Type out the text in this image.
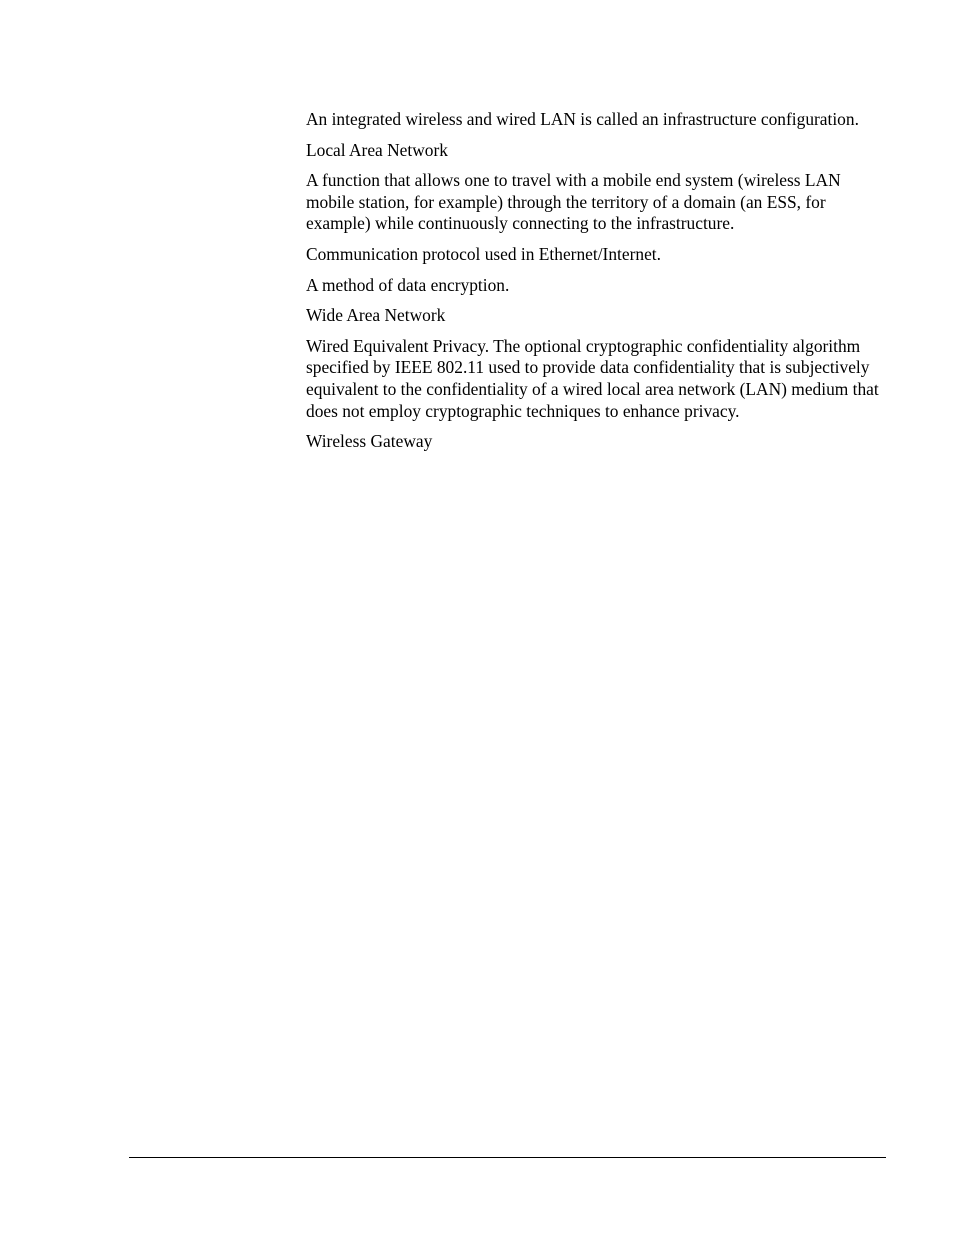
An integrated wireless and wired LAN is called an infrastructure configuration.

Local Area Network

A function that allows one to travel with a mobile end system (wireless LAN mobile station, for example) through the territory of a domain (an ESS, for example) while continuously connecting to the infrastructure.

Communication protocol used in Ethernet/Internet.

A method of data encryption.

Wide Area Network

Wired Equivalent Privacy. The optional cryptographic confidentiality algorithm specified by IEEE 802.11 used to provide data confidentiality that is subjectively equivalent to the confidentiality of a wired local area network (LAN) medium that does not employ cryptographic techniques to enhance privacy.

Wireless Gateway
